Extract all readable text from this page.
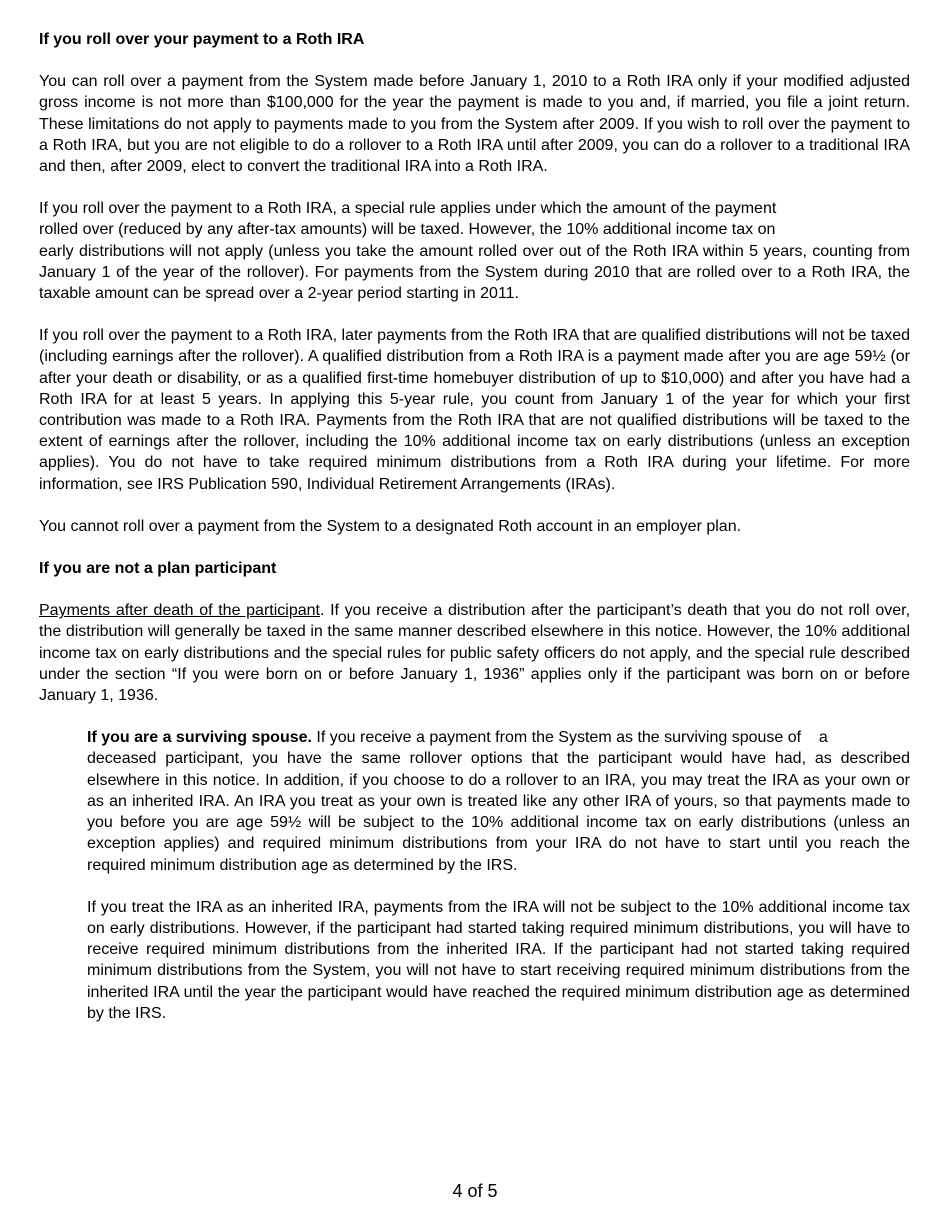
If you roll over your payment to a Roth IRA
You can roll over a payment from the System made before January 1, 2010 to a Roth IRA only if your modified adjusted gross income is not more than $100,000 for the year the payment is made to you and, if married, you file a joint return. These limitations do not apply to payments made to you from the System after 2009. If you wish to roll over the payment to a Roth IRA, but you are not eligible to do a rollover to a Roth IRA until after 2009, you can do a rollover to a traditional IRA and then, after 2009, elect to convert the traditional IRA into a Roth IRA.
If you roll over the payment to a Roth IRA, a special rule applies under which the amount of the payment
rolled over (reduced by any after-tax amounts) will be taxed. However, the 10% additional income tax on
early distributions will not apply (unless you take the amount rolled over out of the Roth IRA within 5 years, counting from January 1 of the year of the rollover). For payments from the System during 2010 that are rolled over to a Roth IRA, the taxable amount can be spread over a 2-year period starting in 2011.
If you roll over the payment to a Roth IRA, later payments from the Roth IRA that are qualified distributions will not be taxed (including earnings after the rollover). A qualified distribution from a Roth IRA is a payment made after you are age 59½ (or after your death or disability, or as a qualified first-time homebuyer distribution of up to $10,000) and after you have had a Roth IRA for at least 5 years. In applying this 5-year rule, you count from January 1 of the year for which your first contribution was made to a Roth IRA. Payments from the Roth IRA that are not qualified distributions will be taxed to the extent of earnings after the rollover, including the 10% additional income tax on early distributions (unless an exception applies). You do not have to take required minimum distributions from a Roth IRA during your lifetime. For more information, see IRS Publication 590, Individual Retirement Arrangements (IRAs).
You cannot roll over a payment from the System to a designated Roth account in an employer plan.
If you are not a plan participant
Payments after death of the participant. If you receive a distribution after the participant’s death that you do not roll over, the distribution will generally be taxed in the same manner described elsewhere in this notice. However, the 10% additional income tax on early distributions and the special rules for public safety officers do not apply, and the special rule described under the section “If you were born on or before January 1, 1936” applies only if the participant was born on or before January 1, 1936.
If you are a surviving spouse. If you receive a payment from the System as the surviving spouse of    a
deceased participant, you have the same rollover options that the participant would have had, as described elsewhere in this notice. In addition, if you choose to do a rollover to an IRA, you may treat the IRA as your own or as an inherited IRA. An IRA you treat as your own is treated like any other IRA of yours, so that payments made to you before you are age 59½ will be subject to the 10% additional income tax on early distributions (unless an exception applies) and required minimum distributions from your IRA do not have to start until you reach the required minimum distribution age as determined by the IRS.
If you treat the IRA as an inherited IRA, payments from the IRA will not be subject to the 10% additional income tax on early distributions. However, if the participant had started taking required minimum distributions, you will have to receive required minimum distributions from the inherited IRA. If the participant had not started taking required minimum distributions from the System, you will not have to start receiving required minimum distributions from the inherited IRA until the year the participant would have reached the required minimum distribution age as determined by the IRS.
4 of 5
